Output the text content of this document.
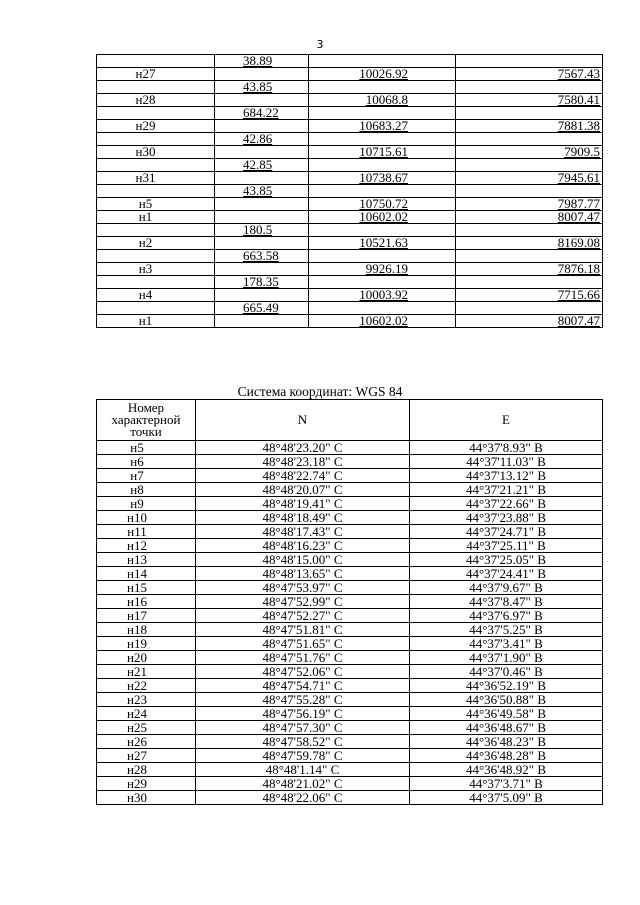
3
	38.89		
н27		10026.92	7567.43
	43.85		
н28		10068.8	7580.41
	684.22		
н29		10683.27	7881.38
	42.86		
н30		10715.61	7909.5
	42.85		
н31		10738.67	7945.61
	43.85		
н5		10750.72	7987.77
н1		10602.02	8007.47
	180.5		
н2		10521.63	8169.08
	663.58		
н3		9926.19	7876.18
	178.35		
н4		10003.92	7715.66
	665.49		
н1		10602.02	8007.47
Система координат: WGS 84
Номер характерной точки	N	E
н5	48°48'23.20" С	44°37'8.93" В
н6	48°48'23.18" С	44°37'11.03" В
н7	48°48'22.74" С	44°37'13.12" В
н8	48°48'20.07" С	44°37'21.21" В
н9	48°48'19.41" С	44°37'22.66" В
н10	48°48'18.49" С	44°37'23.88" В
н11	48°48'17.43" С	44°37'24.71" В
н12	48°48'16.23" С	44°37'25.11" В
н13	48°48'15.00" С	44°37'25.05" В
н14	48°48'13.65" С	44°37'24.41" В
н15	48°47'53.97" С	44°37'9.67" В
н16	48°47'52.99" С	44°37'8.47" В
н17	48°47'52.27" С	44°37'6.97" В
н18	48°47'51.81" С	44°37'5.25" В
н19	48°47'51.65" С	44°37'3.41" В
н20	48°47'51.76" С	44°37'1.90" В
н21	48°47'52.06" С	44°37'0.46" В
н22	48°47'54.71" С	44°36'52.19" В
н23	48°47'55.28" С	44°36'50.88" В
н24	48°47'56.19" С	44°36'49.58" В
н25	48°47'57.30" С	44°36'48.67" В
н26	48°47'58.52" С	44°36'48.23" В
н27	48°47'59.78" С	44°36'48.28" В
н28	48°48'1.14" С	44°36'48.92" В
н29	48°48'21.02" С	44°37'3.71" В
н30	48°48'22.06" С	44°37'5.09" В
